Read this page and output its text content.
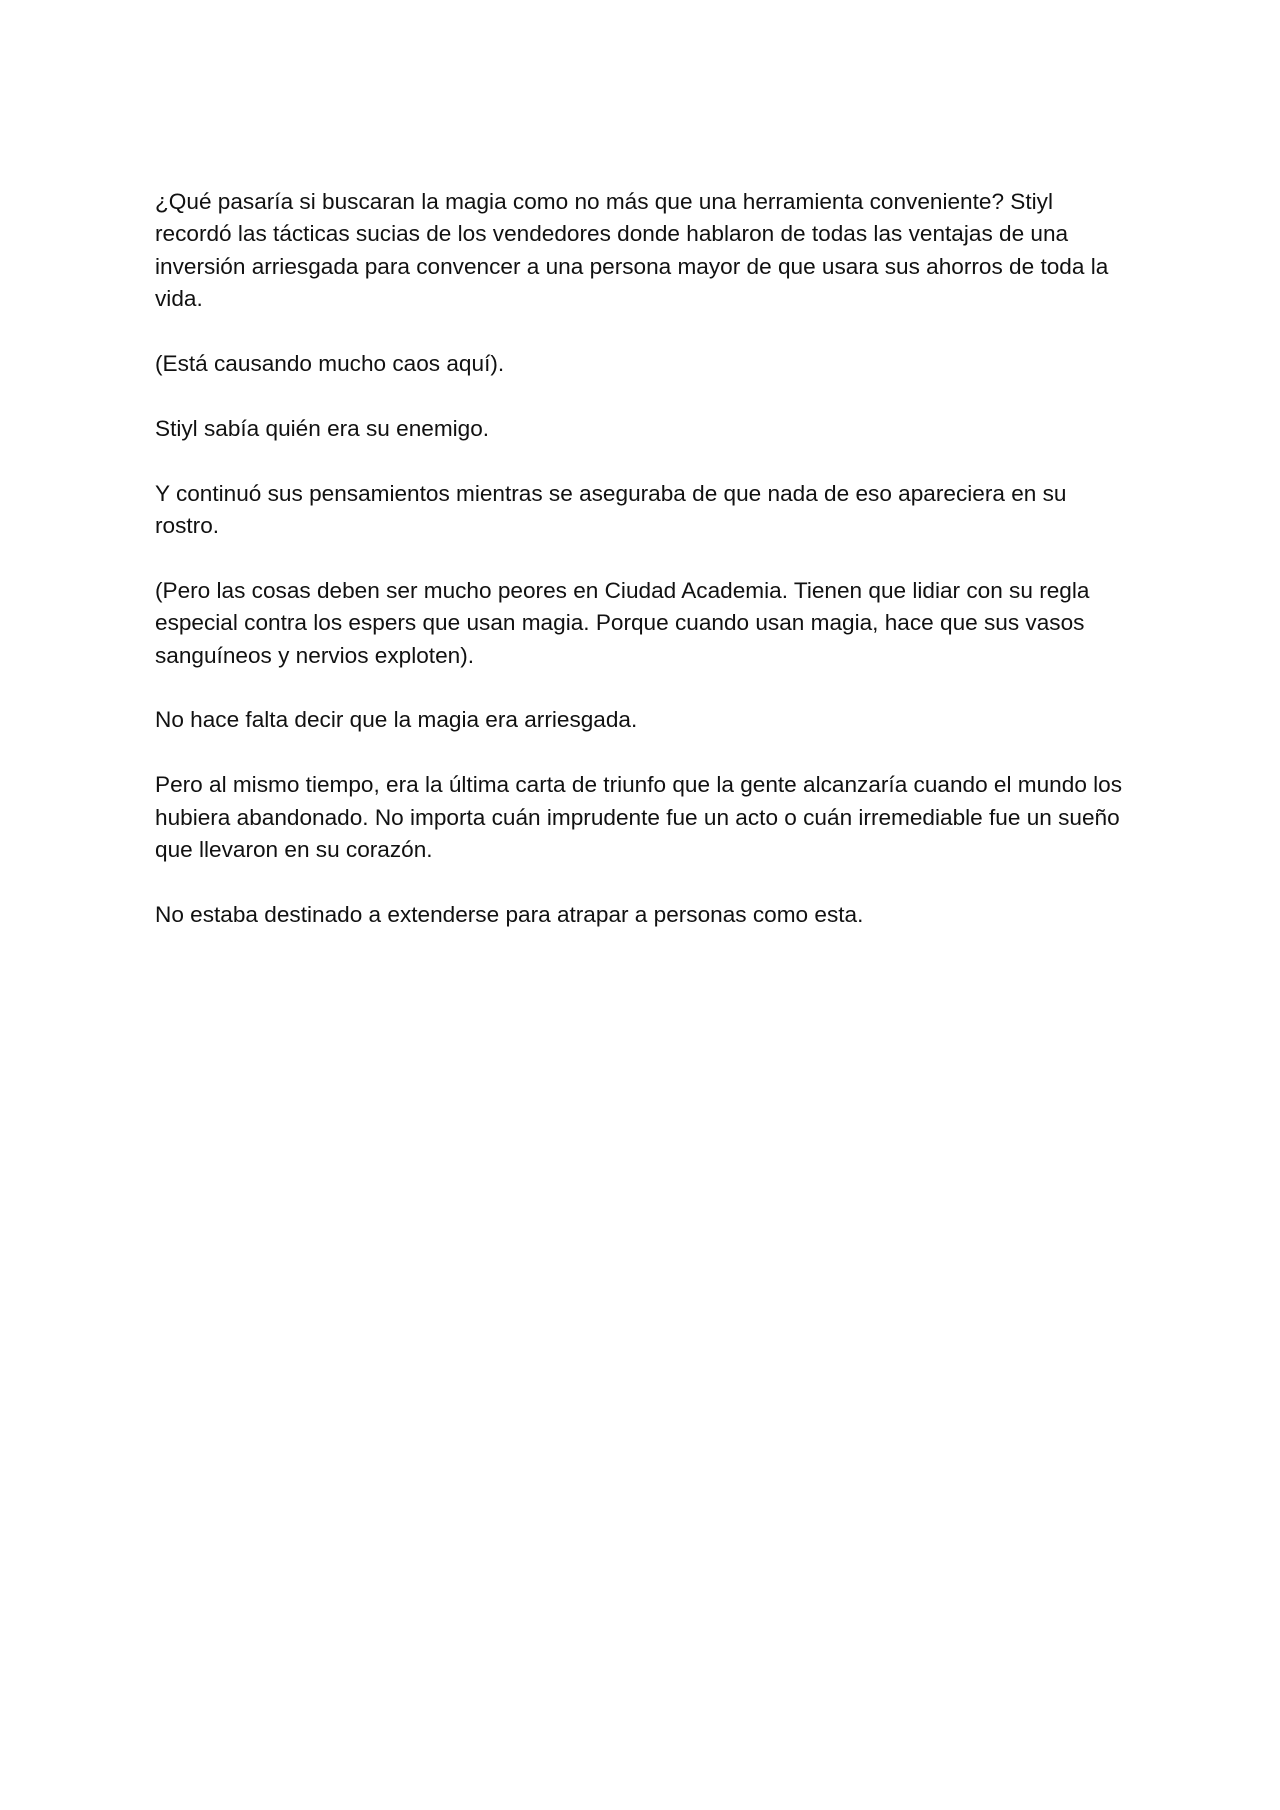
¿Qué pasaría si buscaran la magia como no más que una herramienta conveniente? Stiyl recordó las tácticas sucias de los vendedores donde hablaron de todas las ventajas de una inversión arriesgada para convencer a una persona mayor de que usara sus ahorros de toda la vida.

(Está causando mucho caos aquí).

Stiyl sabía quién era su enemigo.

Y continuó sus pensamientos mientras se aseguraba de que nada de eso apareciera en su rostro.

(Pero las cosas deben ser mucho peores en Ciudad Academia. Tienen que lidiar con su regla especial contra los espers que usan magia. Porque cuando usan magia, hace que sus vasos sanguíneos y nervios exploten).

No hace falta decir que la magia era arriesgada.

Pero al mismo tiempo, era la última carta de triunfo que la gente alcanzaría cuando el mundo los hubiera abandonado. No importa cuán imprudente fue un acto o cuán irremediable fue un sueño que llevaron en su corazón.

No estaba destinado a extenderse para atrapar a personas como esta.
